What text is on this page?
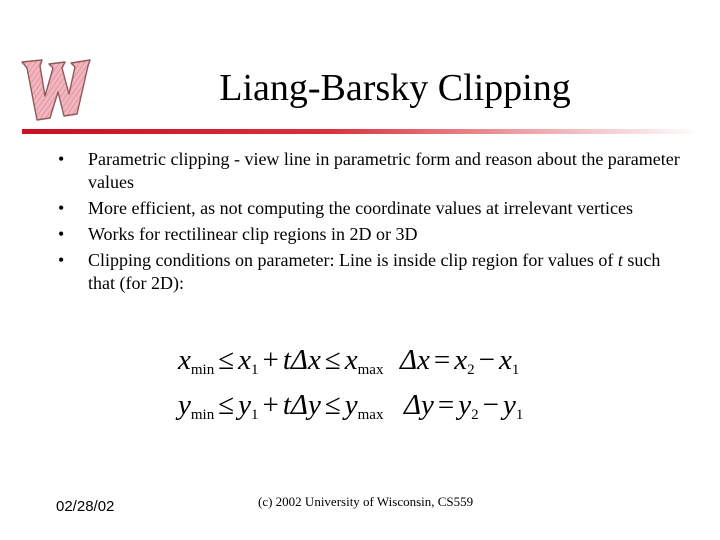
Liang-Barsky Clipping
• Parametric clipping - view line in parametric form and reason about the parameter values
• More efficient, as not computing the coordinate values at irrelevant vertices
• Works for rectilinear clip regions in 2D or 3D
• Clipping conditions on parameter: Line is inside clip region for values of t such that (for 2D):
$x_{min} \le x_1 + t\Delta x \le x_{max}$ $\Delta x = x_2 - x_1$
$y_{min} \le y_1 + t\Delta y \le y_{max}$ $\Delta y = y_2 - y_1$
02/28/02	(c) 2002 University of Wisconsin, CS559
